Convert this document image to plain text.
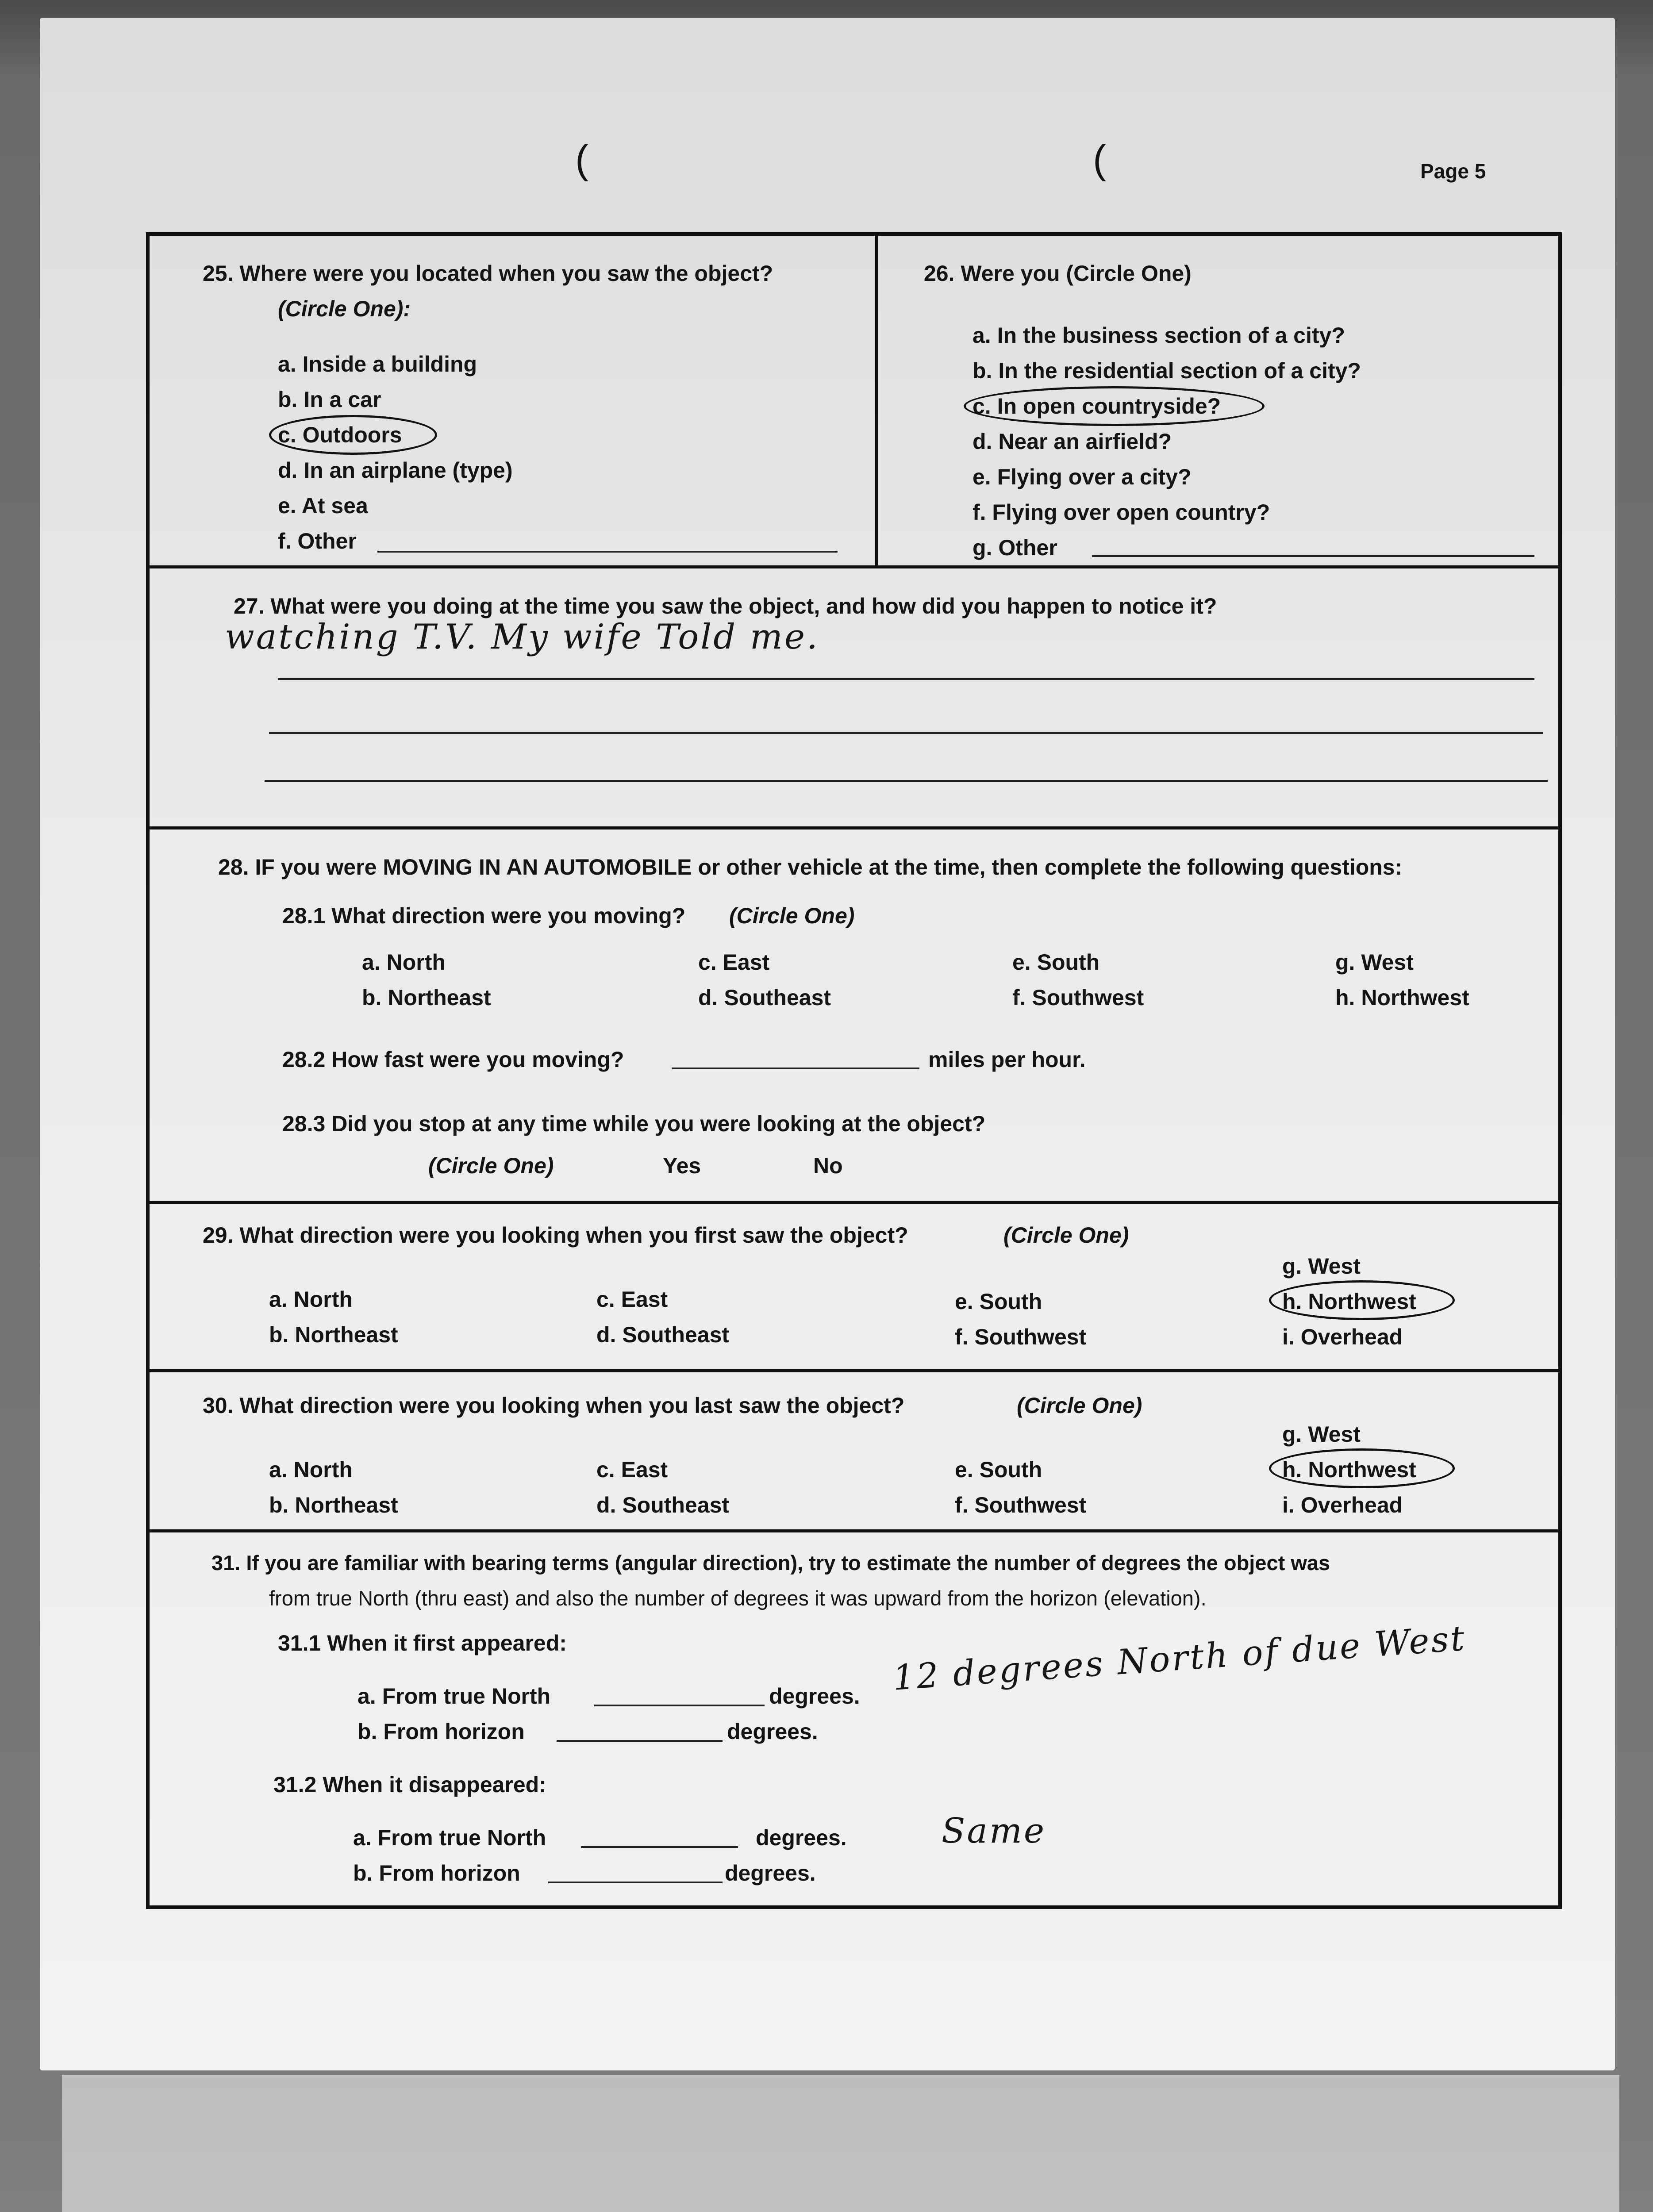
(	(	Page 5
25. Where were you located when you saw the object?
(Circle One):
a. Inside a building
b. In a car
c. Outdoors
d. In an airplane (type)
e. At sea
f. Other
26. Were you (Circle One)
a. In the business section of a city?
b. In the residential section of a city?
c. In open countryside?
d. Near an airfield?
e. Flying over a city?
f. Flying over open country?
g. Other
27. What were you doing at the time you saw the object, and how did you happen to notice it?
watching T.V. My wife Told me.
28. IF you were MOVING IN AN AUTOMOBILE or other vehicle at the time, then complete the following questions:
28.1 What direction were you moving? (Circle One)
a. North
b. Northeast
c. East
d. Southeast
e. South
f. Southwest
g. West
h. Northwest
28.2 How fast were you moving?	miles per hour.
28.3 Did you stop at any time while you were looking at the object?
(Circle One)	Yes	No
29. What direction were you looking when you first saw the object?	(Circle One)
a. North
b. Northeast
c. East
d. Southeast
e. South
f. Southwest
g. West
h. Northwest
i. Overhead
30. What direction were you looking when you last saw the object?	(Circle One)
a. North
b. Northeast
c. East
d. Southeast
e. South
f. Southwest
g. West
h. Northwest
i. Overhead
31. If you are familiar with bearing terms (angular direction), try to estimate the number of degrees the object was
from true North (thru east) and also the number of degrees it was upward from the horizon (elevation).
31.1 When it first appeared:
a. From true North	degrees.
b. From horizon	degrees.
12 degrees North of due West
31.2 When it disappeared:
a. From true North	degrees.
b. From horizon	degrees.
Same
